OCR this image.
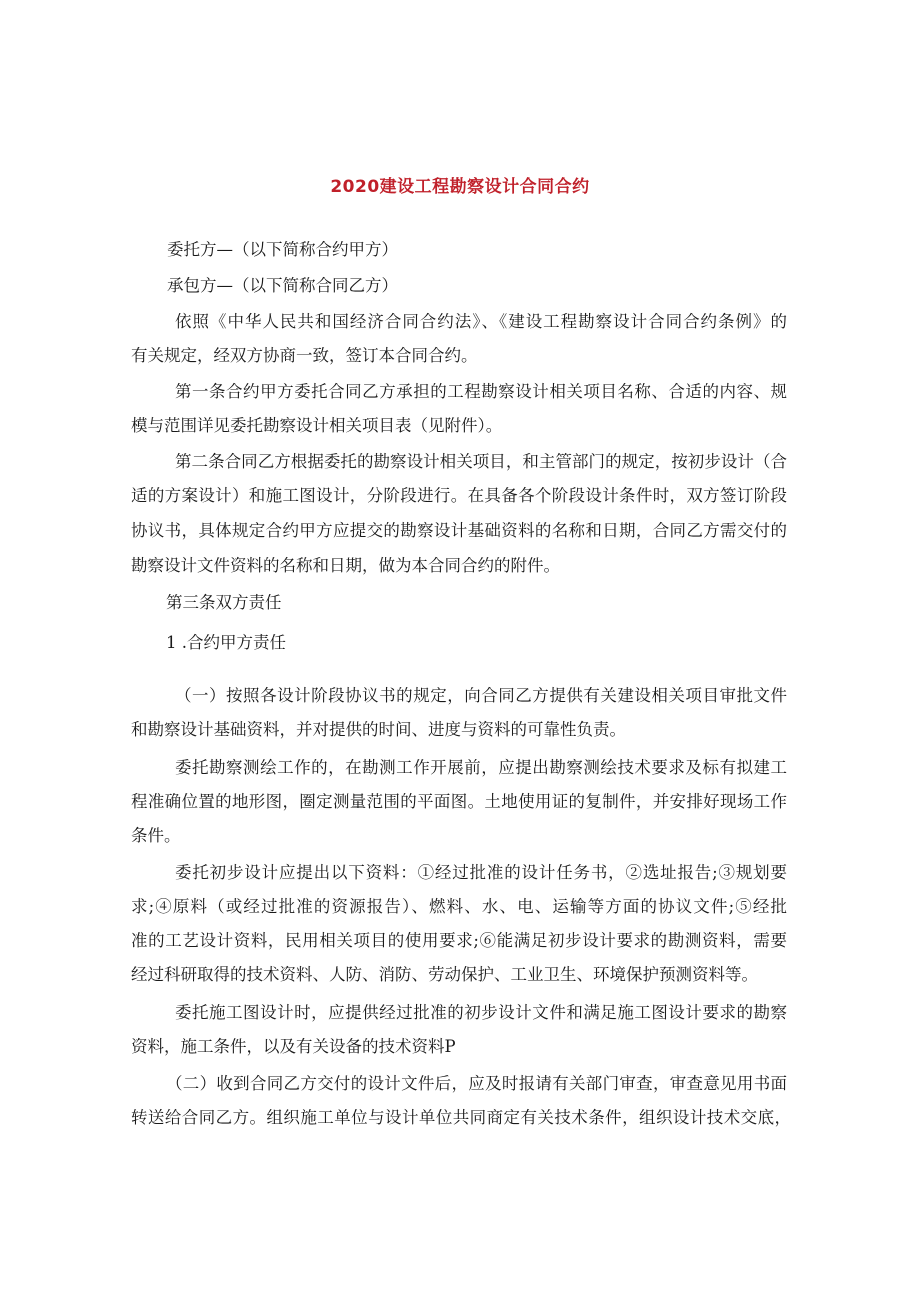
2020建设工程勘察设计合同合约
委托方—（以下简称合约甲方）
承包方—（以下简称合同乙方）
依照《中华人民共和国经济合同合约法》、《建设工程勘察设计合同合约条例》的
有关规定，经双方协商一致，签订本合同合约。
第一条合约甲方委托合同乙方承担的工程勘察设计相关项目名称、合适的内容、规
模与范围详见委托勘察设计相关项目表（见附件）。
第二条合同乙方根据委托的勘察设计相关项目，和主管部门的规定，按初步设计（合
适的方案设计）和施工图设计，分阶段进行。在具备各个阶段设计条件时，双方签订阶段
协议书，具体规定合约甲方应提交的勘察设计基础资料的名称和日期，合同乙方需交付的
勘察设计文件资料的名称和日期，做为本合同合约的附件。
第三条双方责任
1 .合约甲方责任
（一）按照各设计阶段协议书的规定，向合同乙方提供有关建设相关项目审批文件
和勘察设计基础资料，并对提供的时间、进度与资料的可靠性负责。
委托勘察测绘工作的，在勘测工作开展前，应提出勘察测绘技术要求及标有拟建工
程准确位置的地形图，圈定测量范围的平面图。土地使用证的复制件，并安排好现场工作
条件。
委托初步设计应提出以下资料：①经过批准的设计任务书，②选址报告;③规划要
求;④原料（或经过批准的资源报告）、燃料、水、电、运输等方面的协议文件;⑤经批
准的工艺设计资料，民用相关项目的使用要求;⑥能满足初步设计要求的勘测资料，需要
经过科研取得的技术资料、人防、消防、劳动保护、工业卫生、环境保护预测资料等。
委托施工图设计时，应提供经过批准的初步设计文件和满足施工图设计要求的勘察
资料，施工条件，以及有关设备的技术资料P
（二）收到合同乙方交付的设计文件后，应及时报请有关部门审查，审查意见用书面
转送给合同乙方。组织施工单位与设计单位共同商定有关技术条件，组织设计技术交底，
